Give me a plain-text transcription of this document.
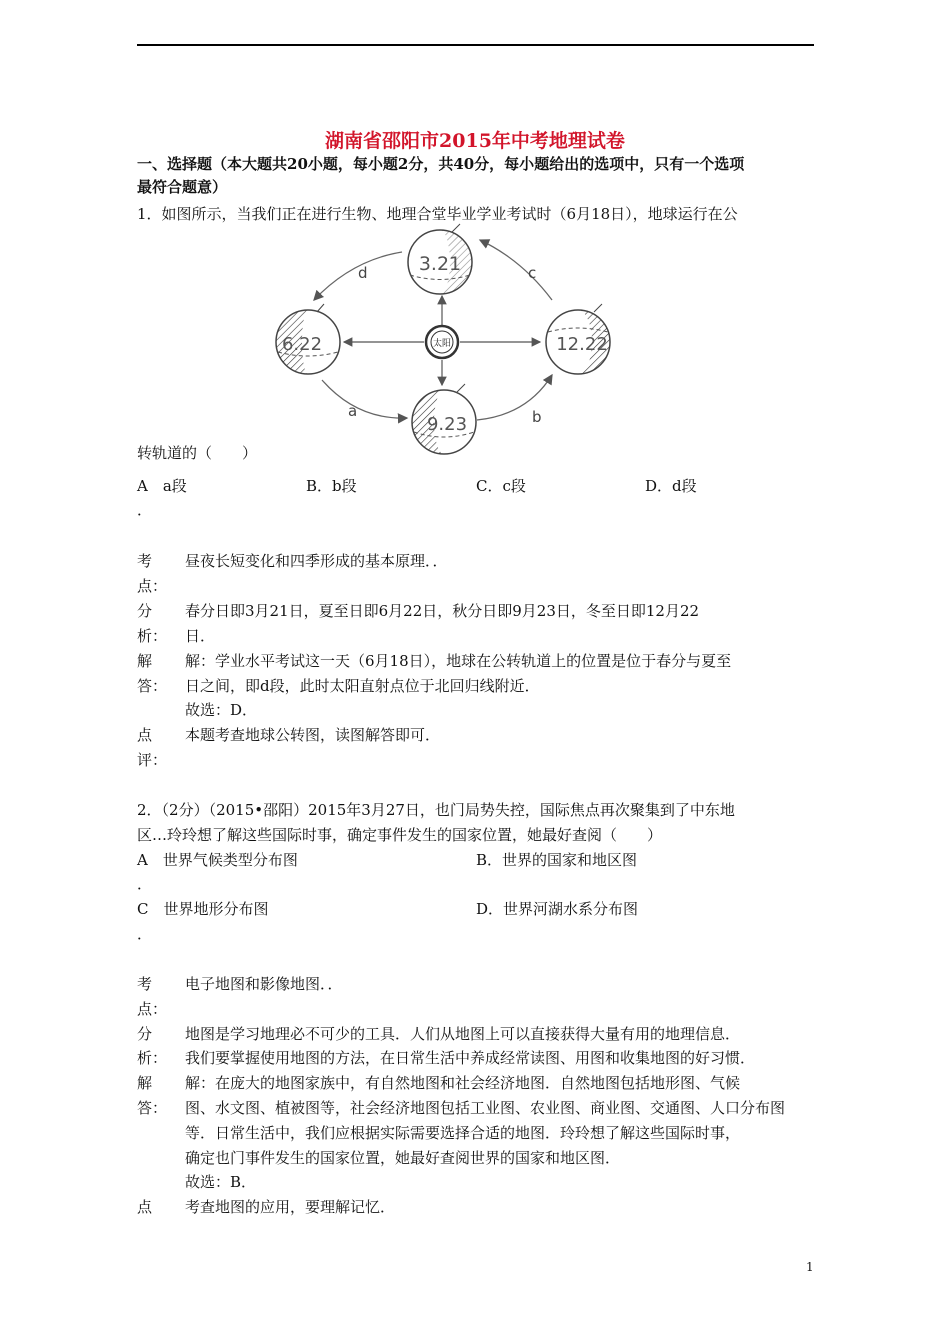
湖南省邵阳市2015年中考地理试卷
一、选择题（本大题共20小题，每小题2分，共40分，每小题给出的选项中，只有一个选项
最符合题意）
1．如图所示，当我们正在进行生物、地理合堂毕业学业考试时（6月18日），地球运行在公
太阳
3.21
6.22
9.23
12.22
d	c
a	b
转轨道的（　　）
A　a段	B．b段	C．c段	D．d段
．
考
点：
昼夜长短变化和四季形成的基本原理．．
分
析：
春分日即3月21日，夏至日即6月22日，秋分日即9月23日，冬至日即12月22
日．
解
答：
解：学业水平考试这一天（6月18日），地球在公转轨道上的位置是位于春分与夏至
日之间，即d段，此时太阳直射点位于北回归线附近．
故选：D．
点
评：
本题考查地球公转图，读图解答即可．
2．（2分）（2015•邵阳）2015年3月27日，也门局势失控，国际焦点再次聚集到了中东地
区…玲玲想了解这些国际时事，确定事件发生的国家位置，她最好查阅（　　）
A　世界气候类型分布图	B．世界的国家和地区图
．
C　世界地形分布图	D．世界河湖水系分布图
．
考
点：
电子地图和影像地图．．
分
析：
地图是学习地理必不可少的工具．人们从地图上可以直接获得大量有用的地理信息．
我们要掌握使用地图的方法，在日常生活中养成经常读图、用图和收集地图的好习惯．
解
答：
解：在庞大的地图家族中，有自然地图和社会经济地图．自然地图包括地形图、气候
图、水文图、植被图等，社会经济地图包括工业图、农业图、商业图、交通图、人口分布图
等．日常生活中，我们应根据实际需要选择合适的地图．玲玲想了解这些国际时事，
确定也门事件发生的国家位置，她最好查阅世界的国家和地区图．
故选：B．
点 考查地图的应用，要理解记忆．
1
